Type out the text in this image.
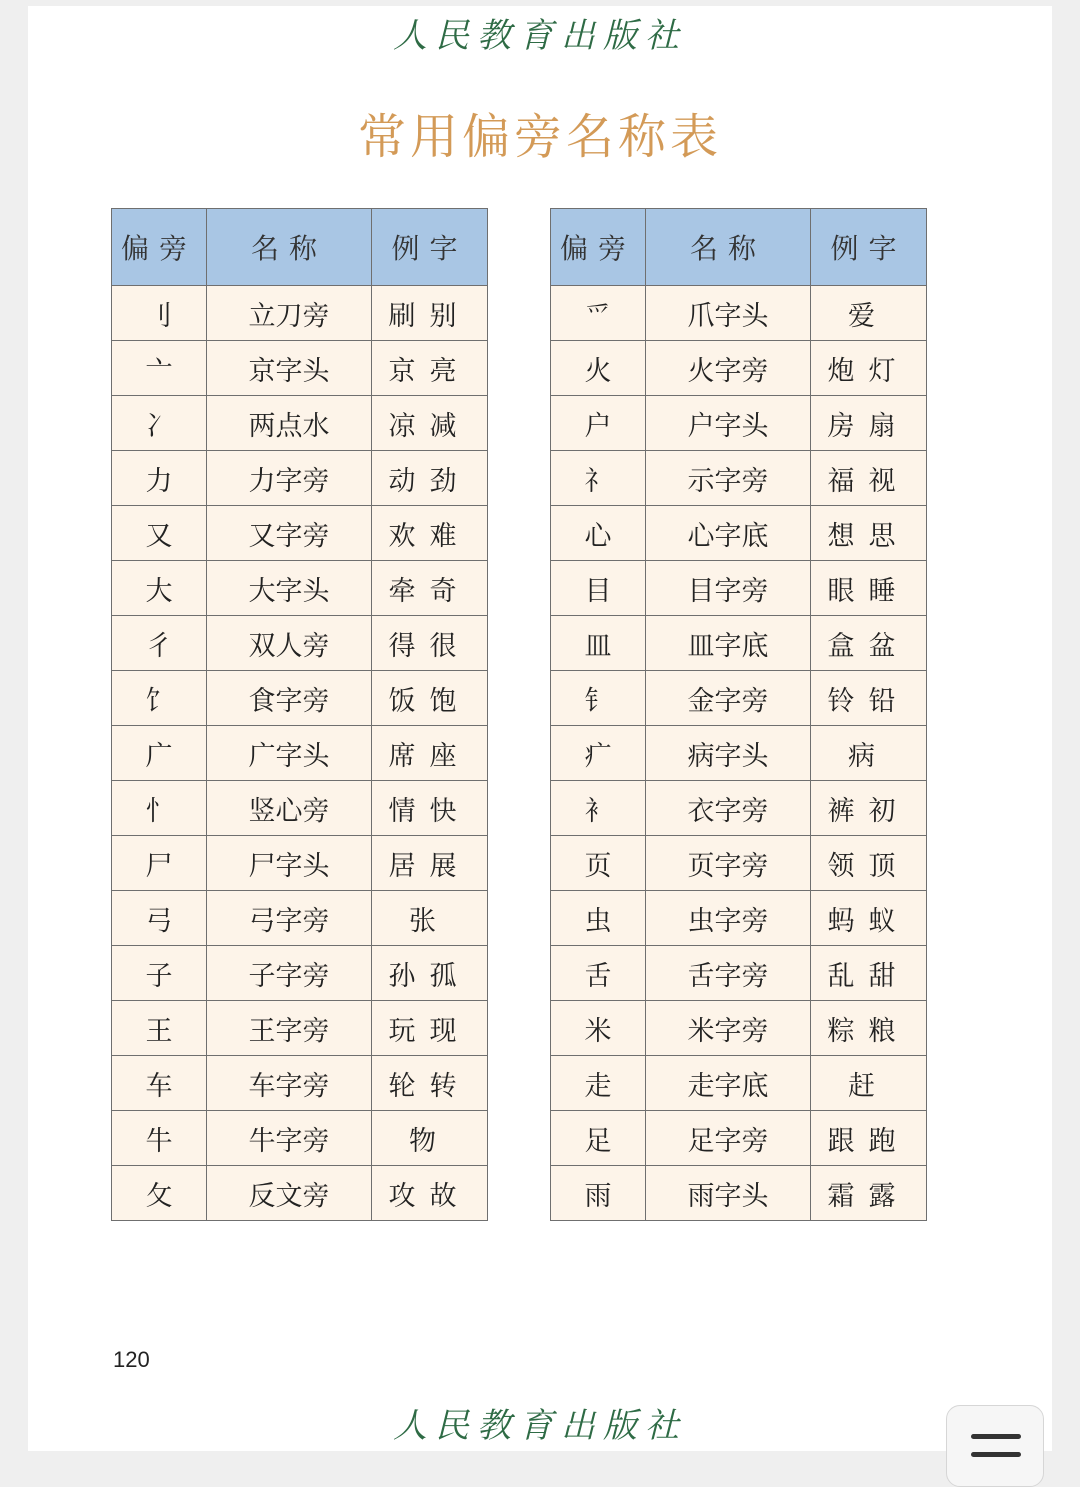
人民教育出版社
常用偏旁名称表
偏旁	名称	例字
刂	立刀旁	刷别
亠	京字头	京亮
冫	两点水	凉减
力	力字旁	动劲
又	又字旁	欢难
大	大字头	牵奇
彳	双人旁	得很
饣	食字旁	饭饱
广	广字头	席座
忄	竖心旁	情快
尸	尸字头	居展
弓	弓字旁	张
子	子字旁	孙孤
王	王字旁	玩现
车	车字旁	轮转
牛	牛字旁	物
攵	反文旁	攻故
偏旁	名称	例字
爫	爪字头	爱
火	火字旁	炮灯
户	户字头	房扇
礻	示字旁	福视
心	心字底	想思
目	目字旁	眼睡
皿	皿字底	盒盆
钅	金字旁	铃铅
疒	病字头	病
衤	衣字旁	裤初
页	页字旁	领顶
虫	虫字旁	蚂蚁
舌	舌字旁	乱甜
米	米字旁	粽粮
走	走字底	赶
足	足字旁	跟跑
雨	雨字头	霜露
120
人民教育出版社
